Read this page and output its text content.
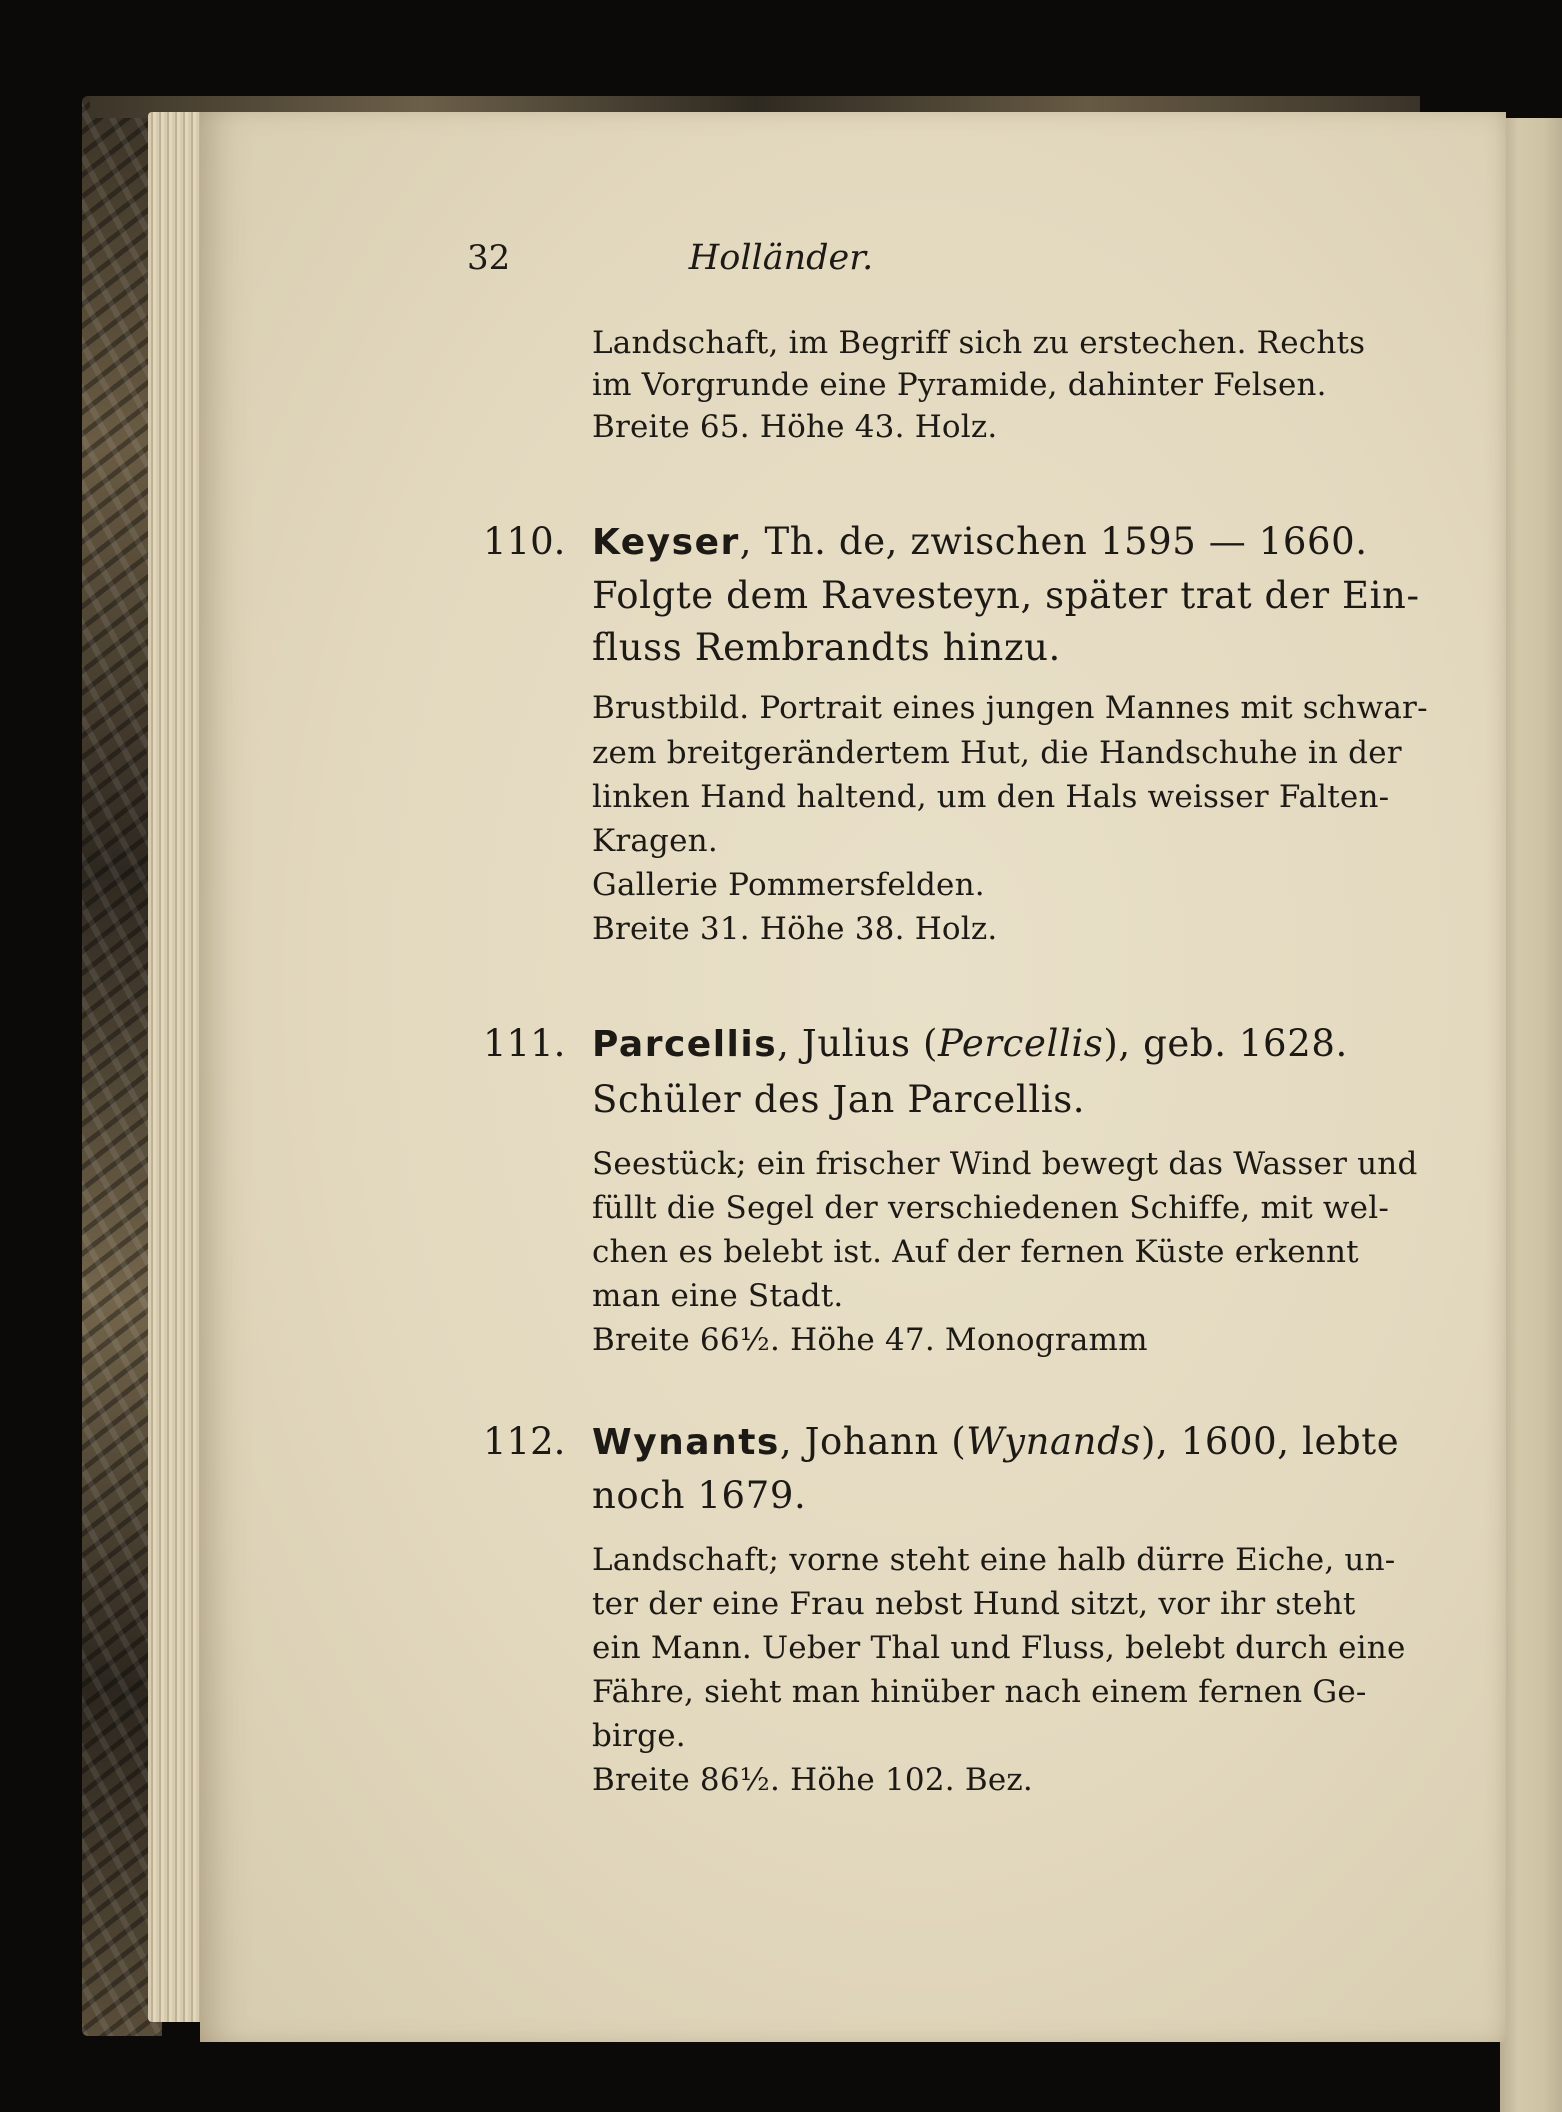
32	Holländer.
Landschaft, im Begriff sich zu erstechen. Rechts
im Vorgrunde eine Pyramide, dahinter Felsen.
Breite 65. Höhe 43. Holz.
110. Keyser, Th. de, zwischen 1595 — 1660.
Folgte dem Ravesteyn, später trat der Ein-
fluss Rembrandts hinzu.
Brustbild. Portrait eines jungen Mannes mit schwar-
zem breitgerändertem Hut, die Handschuhe in der
linken Hand haltend, um den Hals weisser Falten-
Kragen.
Gallerie Pommersfelden.
Breite 31. Höhe 38. Holz.
111. Parcellis, Julius (Percellis), geb. 1628.
Schüler des Jan Parcellis.
Seestück; ein frischer Wind bewegt das Wasser und
füllt die Segel der verschiedenen Schiffe, mit wel-
chen es belebt ist. Auf der fernen Küste erkennt
man eine Stadt.
Breite 66½. Höhe 47. Monogramm
112. Wynants, Johann (Wynands), 1600, lebte
noch 1679.
Landschaft; vorne steht eine halb dürre Eiche, un-
ter der eine Frau nebst Hund sitzt, vor ihr steht
ein Mann. Ueber Thal und Fluss, belebt durch eine
Fähre, sieht man hinüber nach einem fernen Ge-
birge.
Breite 86½. Höhe 102. Bez.
